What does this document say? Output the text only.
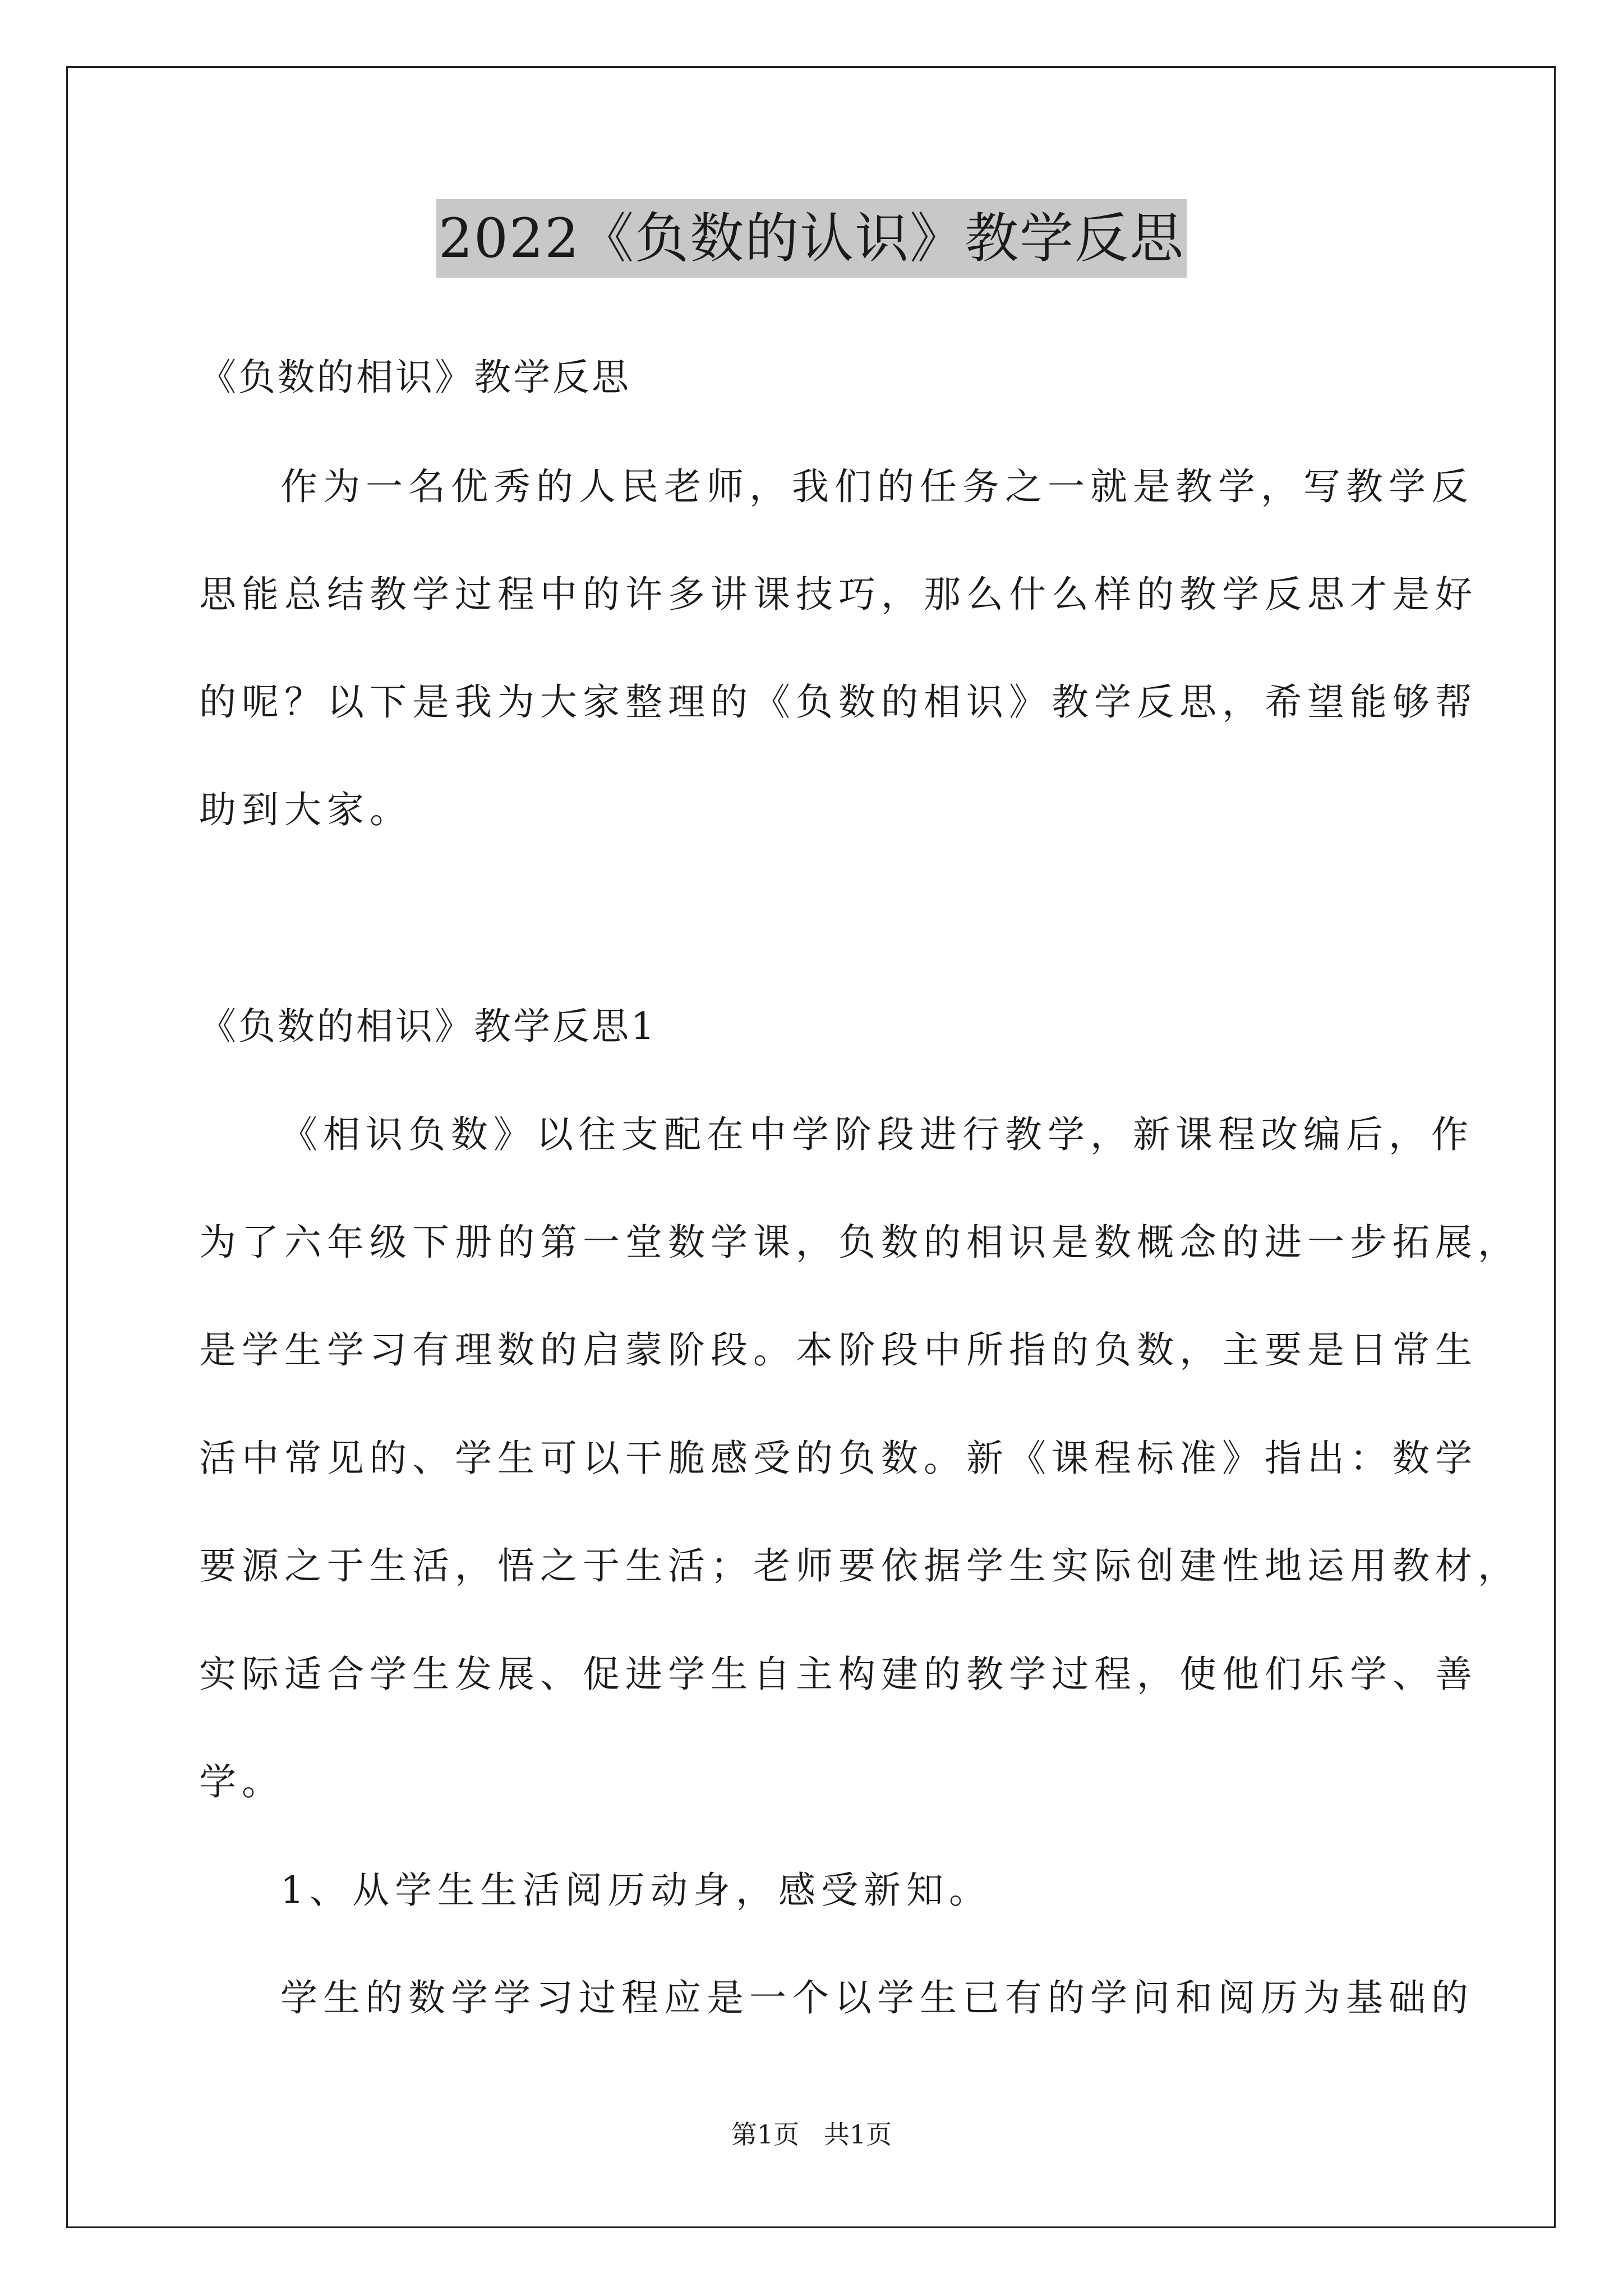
2022《负数的认识》教学反思
《负数的相识》教学反思
作为一名优秀的人民老师，我们的任务之一就是教学，写教学反
思能总结教学过程中的许多讲课技巧，那么什么样的教学反思才是好
的呢？以下是我为大家整理的《负数的相识》教学反思，希望能够帮
助到大家。
《负数的相识》教学反思1
《相识负数》以往支配在中学阶段进行教学，新课程改编后，作
为了六年级下册的第一堂数学课，负数的相识是数概念的进一步拓展，
是学生学习有理数的启蒙阶段。本阶段中所指的负数，主要是日常生
活中常见的、学生可以干脆感受的负数。新《课程标准》指出：数学
要源之于生活，悟之于生活；老师要依据学生实际创建性地运用教材，
实际适合学生发展、促进学生自主构建的教学过程，使他们乐学、善
学。
1、从学生生活阅历动身，感受新知。
学生的数学学习过程应是一个以学生已有的学问和阅历为基础的
第1页   共1页
